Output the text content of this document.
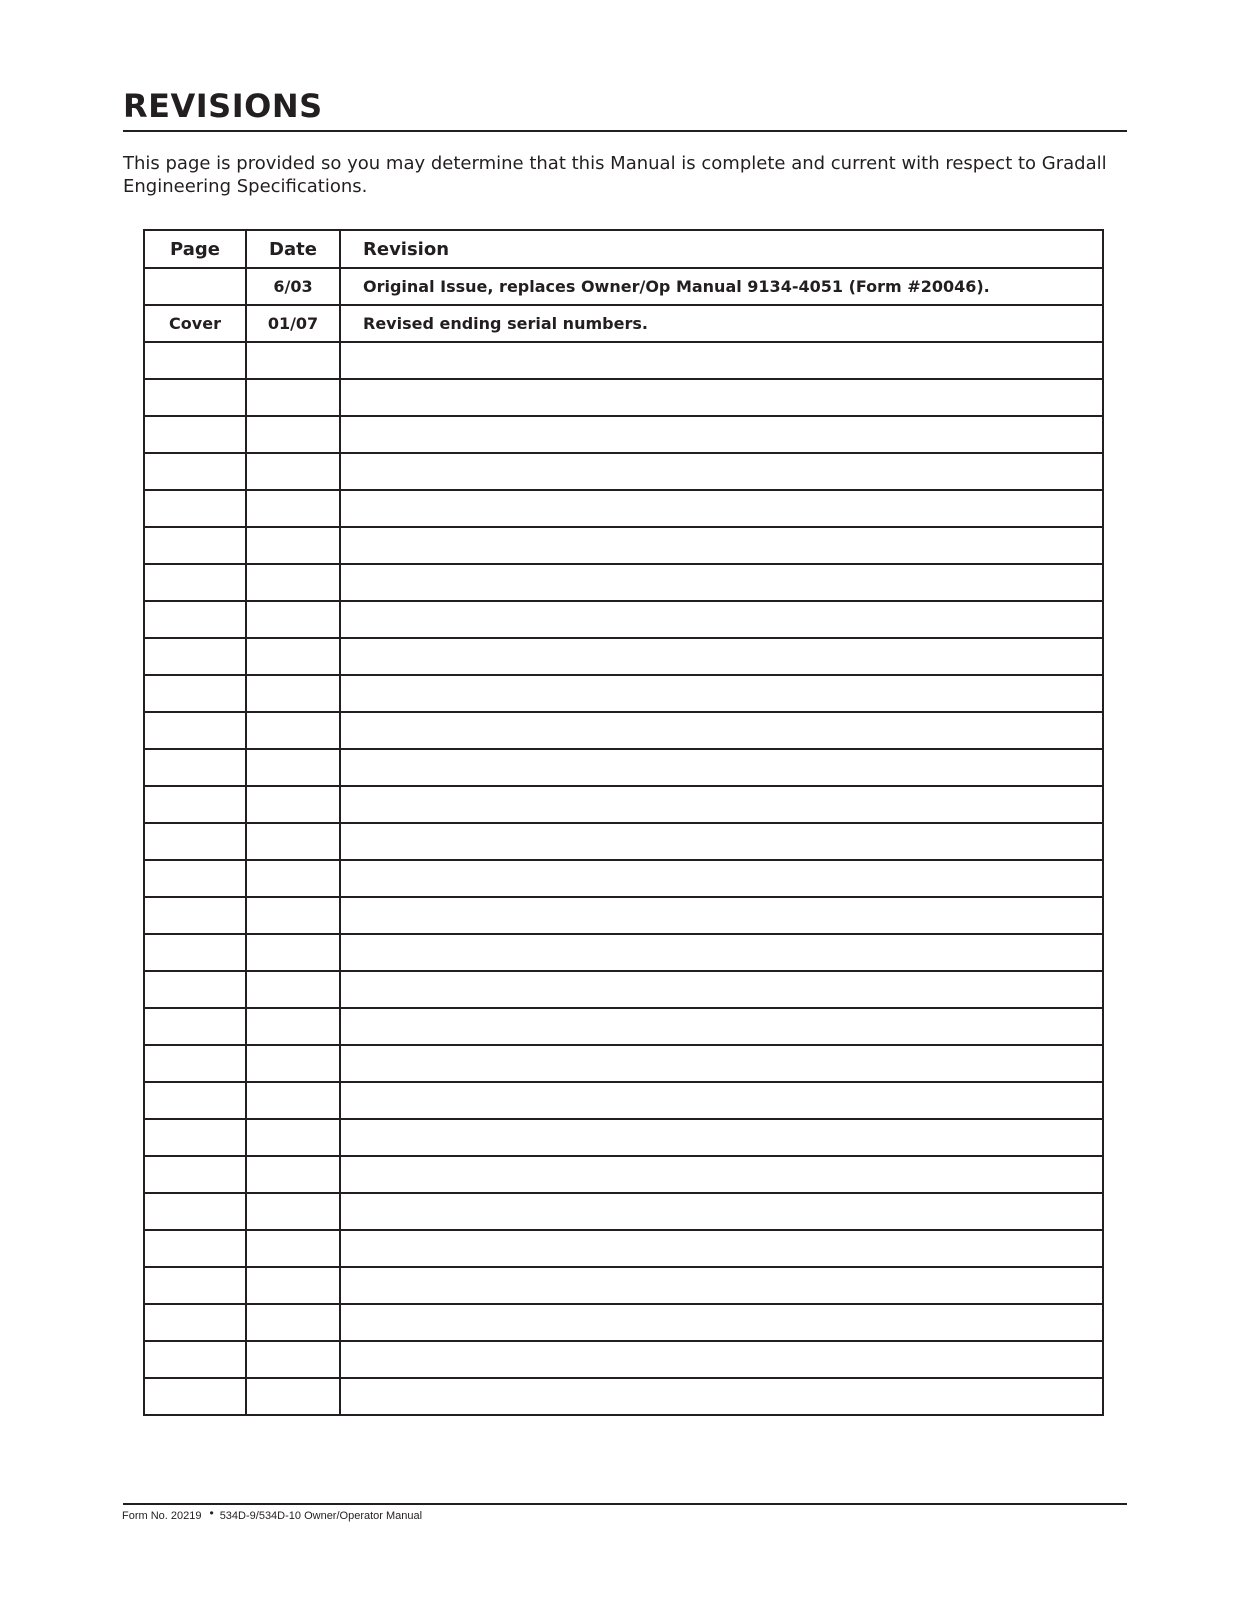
REVISIONS

This page is provided so you may determine that this Manual is complete and current with respect to Gradall Engineering Specifications.

Page	Date	Revision
	6/03	Original Issue, replaces Owner/Op Manual 9134-4051 (Form #20046).
Cover	01/07	Revised ending serial numbers.

Form No. 20219 • 534D-9/534D-10 Owner/Operator Manual
